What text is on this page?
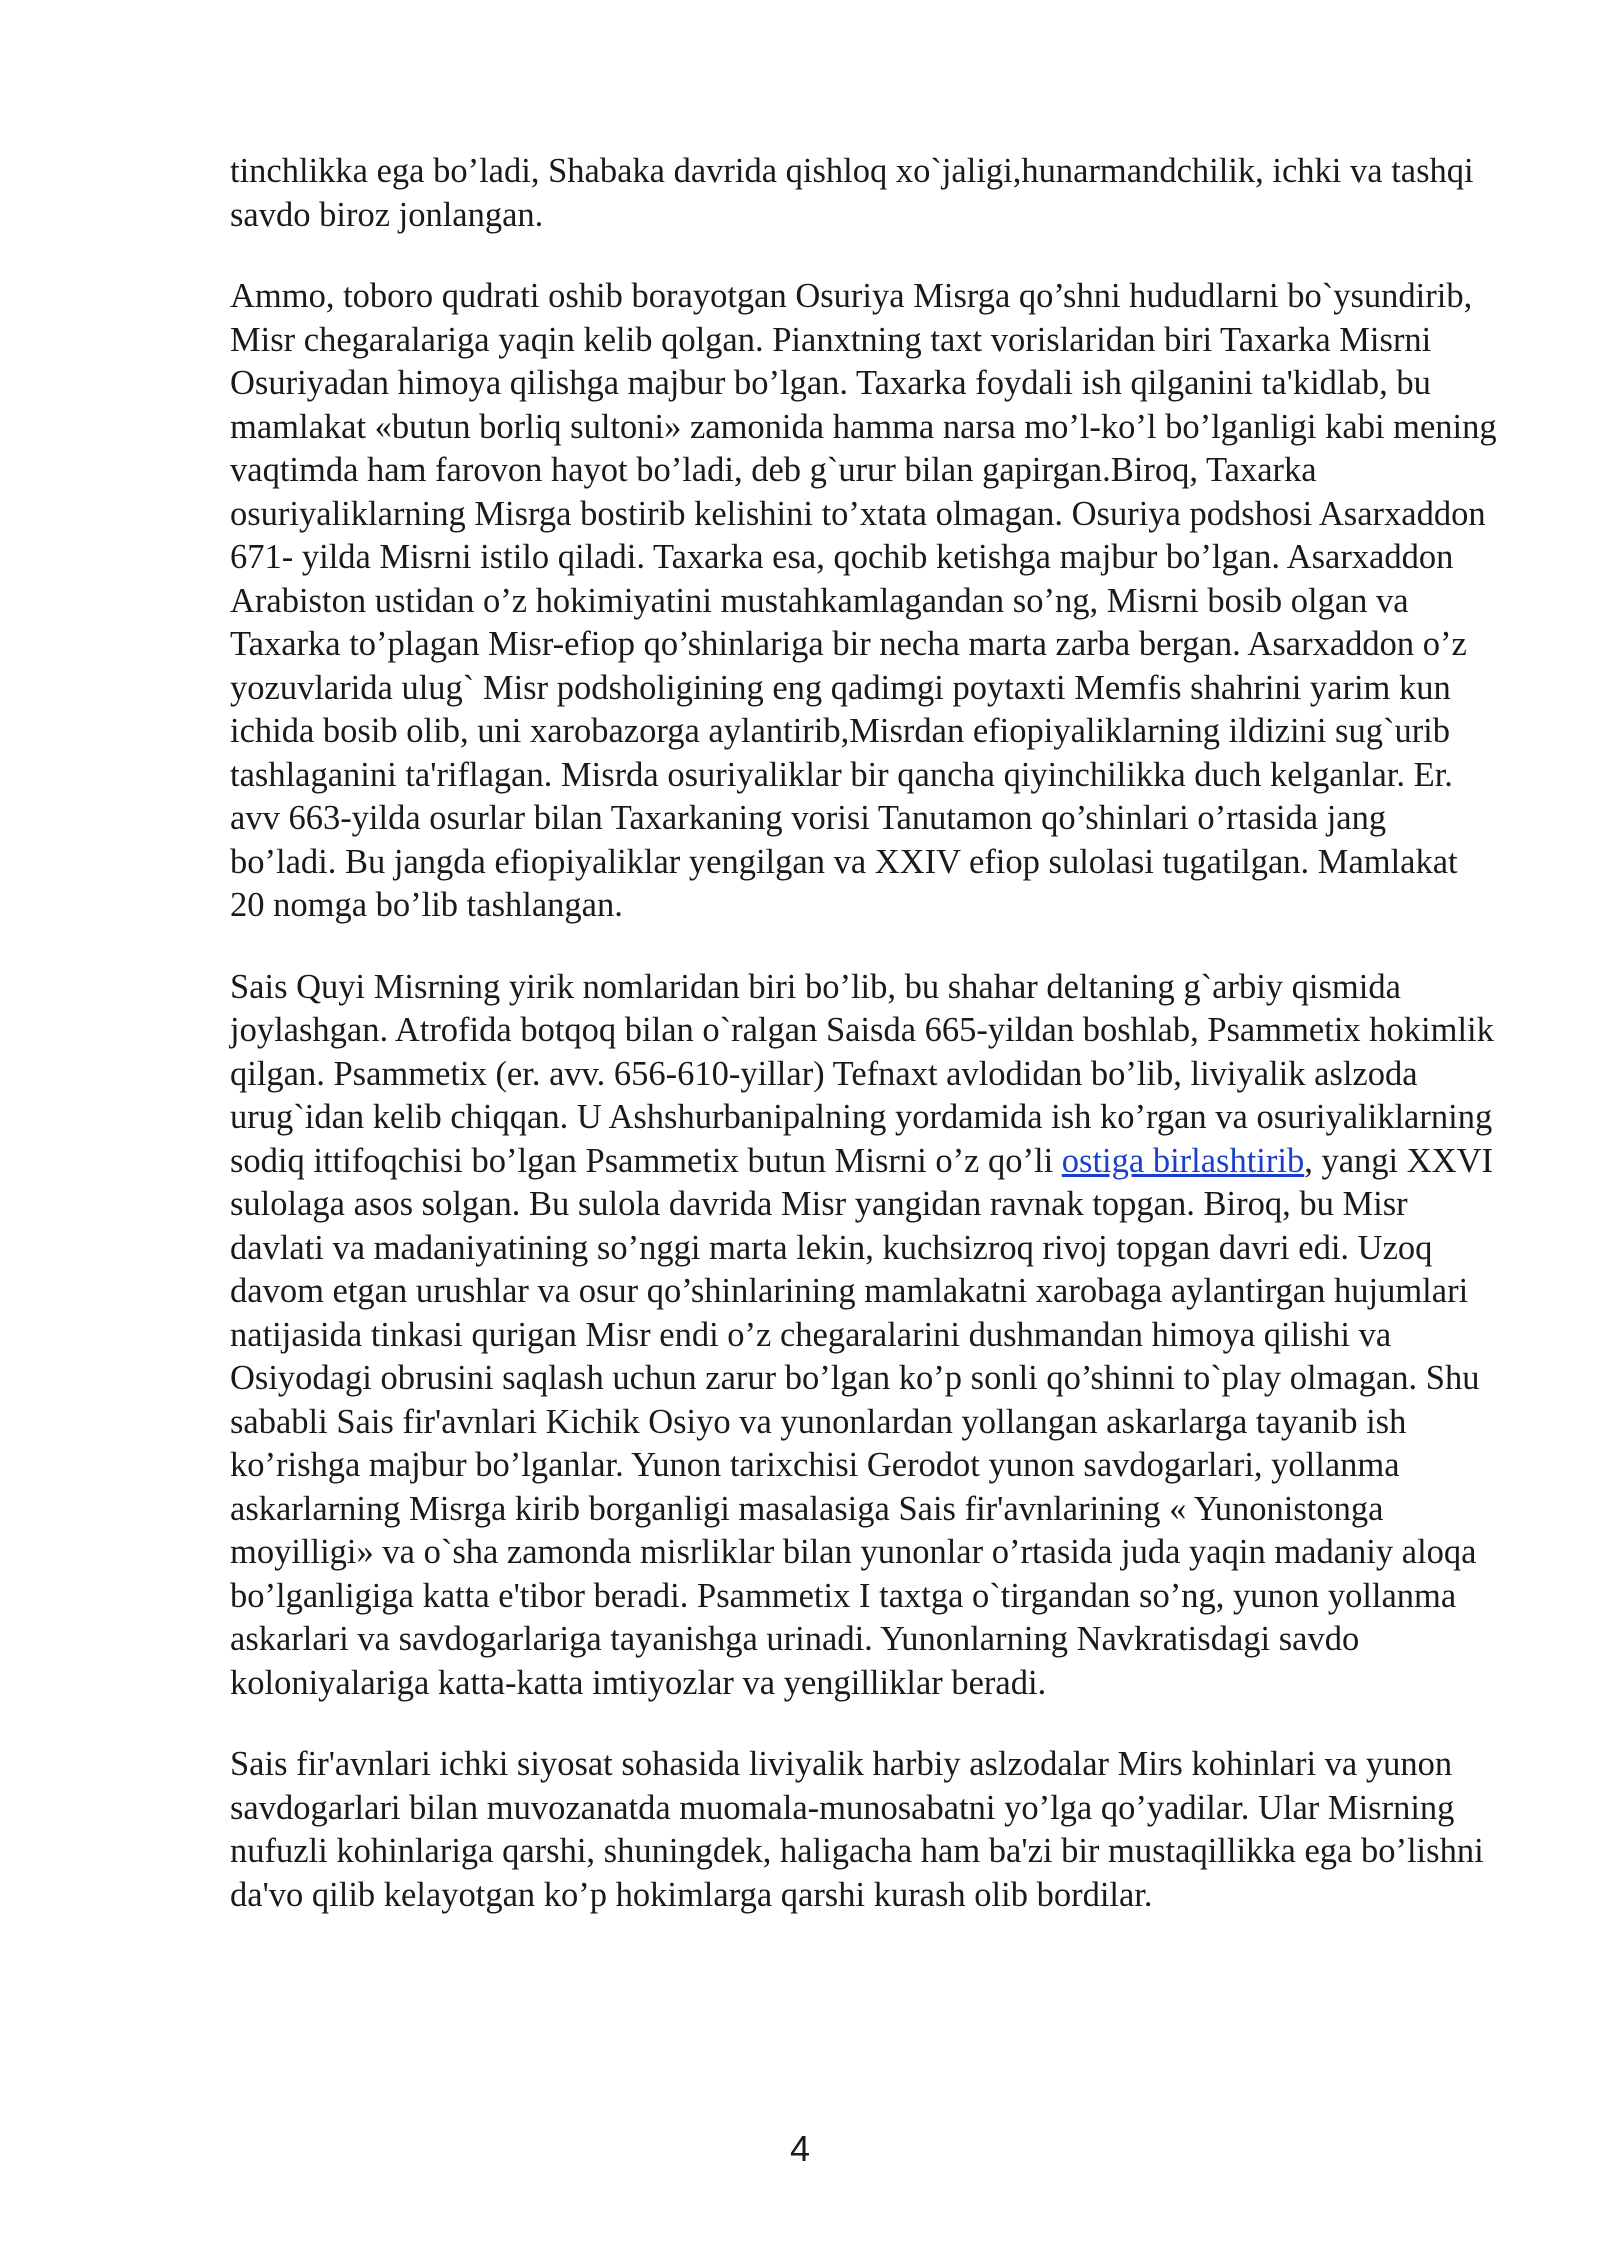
tinchlikka ega bo’ladi, Shabaka davrida qishloq xo`jaligi,hunarmandchilik, ichki va tashqi savdo biroz jonlangan.

Ammo, toboro qudrati oshib borayotgan Osuriya Misrga qo’shni hududlarni bo`ysundirib, Misr chegaralariga yaqin kelib qolgan. Pianxtning taxt vorislaridan biri Taxarka Misrni Osuriyadan himoya qilishga majbur bo’lgan. Taxarka foydali ish qilganini ta'kidlab, bu mamlakat «butun borliq sultoni» zamonida hamma narsa mo’l-ko’l bo’lganligi kabi mening vaqtimda ham farovon hayot bo’ladi, deb g`urur bilan gapirgan.Biroq, Taxarka osuriyaliklarning Misrga bostirib kelishini to’xtata olmagan. Osuriya podshosi Asarxaddon 671- yilda Misrni istilo qiladi. Taxarka esa, qochib ketishga majbur bo’lgan. Asarxaddon Arabiston ustidan o’z hokimiyatini mustahkamlagandan so’ng, Misrni bosib olgan va Taxarka to’plagan Misr-efiop qo’shinlariga bir necha marta zarba bergan. Asarxaddon o’z yozuvlarida ulug` Misr podsholigining eng qadimgi poytaxti Memfis shahrini yarim kun ichida bosib olib, uni xarobazorga aylantirib,Misrdan efiopiyaliklarning ildizini sug`urib tashlaganini ta'riflagan. Misrda osuriyaliklar bir qancha qiyinchilikka duch kelganlar. Er. avv 663-yilda osurlar bilan Taxarkaning vorisi Tanutamon qo’shinlari o’rtasida jang bo’ladi. Bu jangda efiopiyaliklar yengilgan va XXIV efiop sulolasi tugatilgan. Mamlakat 20 nomga bo’lib tashlangan.

Sais Quyi Misrning yirik nomlaridan biri bo’lib, bu shahar deltaning g`arbiy qismida joylashgan. Atrofida botqoq bilan o`ralgan Saisda 665-yildan boshlab, Psammetix hokimlik qilgan. Psammetix (er. avv. 656-610-yillar) Tefnaxt avlodidan bo’lib, liviyalik aslzoda urug`idan kelib chiqqan. U Ashshurbanipalning yordamida ish ko’rgan va osuriyaliklarning sodiq ittifoqchisi bo’lgan Psammetix butun Misrni o’z qo’li ostiga birlashtirib, yangi XXVI sulolaga asos solgan. Bu sulola davrida Misr yangidan ravnak topgan. Biroq, bu Misr davlati va madaniyatining so’nggi marta lekin, kuchsizroq rivoj topgan davri edi. Uzoq davom etgan urushlar va osur qo’shinlarining mamlakatni xarobaga aylantirgan hujumlari natijasida tinkasi qurigan Misr endi o’z chegaralarini dushmandan himoya qilishi va Osiyodagi obrusini saqlash uchun zarur bo’lgan ko’p sonli qo’shinni to`play olmagan. Shu sababli Sais fir'avnlari Kichik Osiyo va yunonlardan yollangan askarlarga tayanib ish ko’rishga majbur bo’lganlar. Yunon tarixchisi Gerodot yunon savdogarlari, yollanma askarlarning Misrga kirib borganligi masalasiga Sais fir'avnlarining « Yunonistonga moyilligi» va o`sha zamonda misrliklar bilan yunonlar o’rtasida juda yaqin madaniy aloqa bo’lganligiga katta e'tibor beradi. Psammetix I taxtga o`tirgandan so’ng, yunon yollanma askarlari va savdogarlariga tayanishga urinadi. Yunonlarning Navkratisdagi savdo koloniyalariga katta-katta imtiyozlar va yengilliklar beradi.

Sais fir'avnlari ichki siyosat sohasida liviyalik harbiy aslzodalar Mirs kohinlari va yunon savdogarlari bilan muvozanatda muomala-munosabatni yo’lga qo’yadilar. Ular Misrning nufuzli kohinlariga qarshi, shuningdek, haligacha ham ba'zi bir mustaqillikka ega bo’lishni da'vo qilib kelayotgan ko’p hokimlarga qarshi kurash olib bordilar.

4
